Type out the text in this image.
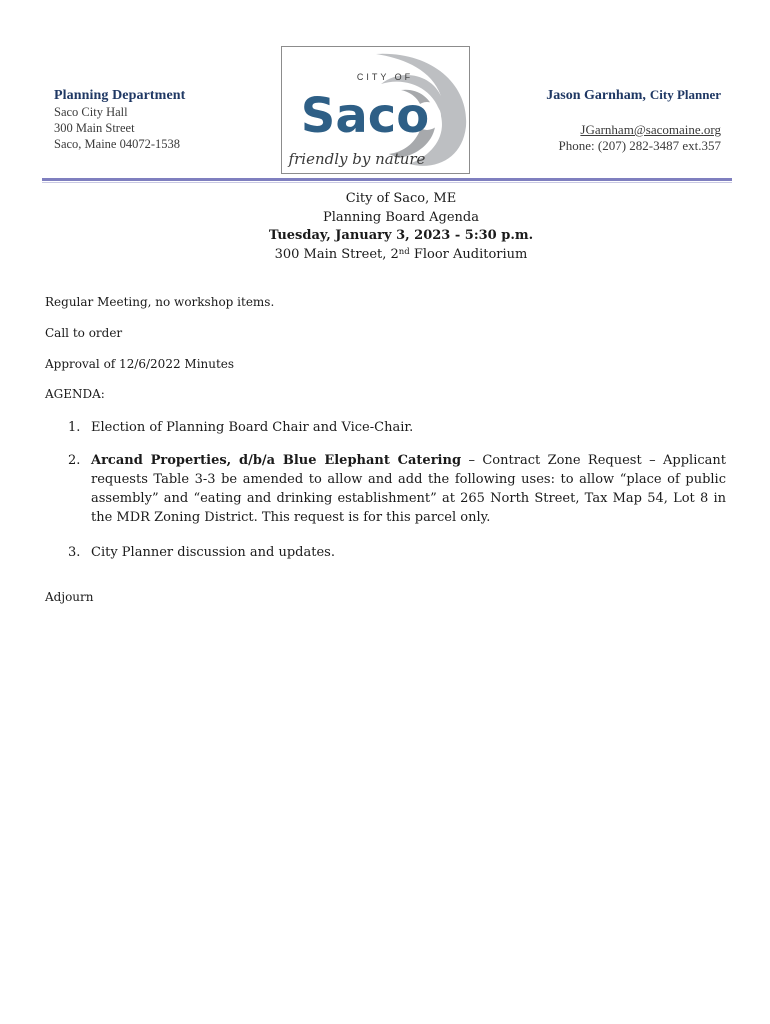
Planning Department
Saco City Hall
300 Main Street
Saco, Maine 04072-1538
CITY OF
Saco
friendly by nature
Jason Garnham, City Planner
JGarnham@sacomaine.org
Phone: (207) 282-3487 ext.357
City of Saco, ME
Planning Board Agenda
Tuesday, January 3, 2023 - 5:30 p.m.
300 Main Street, 2nd Floor Auditorium
Regular Meeting, no workshop items.
Call to order
Approval of 12/6/2022 Minutes
AGENDA:
1. Election of Planning Board Chair and Vice-Chair.
2. Arcand Properties, d/b/a Blue Elephant Catering – Contract Zone Request – Applicant requests Table 3-3 be amended to allow and add the following uses: to allow “place of public assembly” and “eating and drinking establishment” at 265 North Street, Tax Map 54, Lot 8 in the MDR Zoning District. This request is for this parcel only.
3. City Planner discussion and updates.
Adjourn
